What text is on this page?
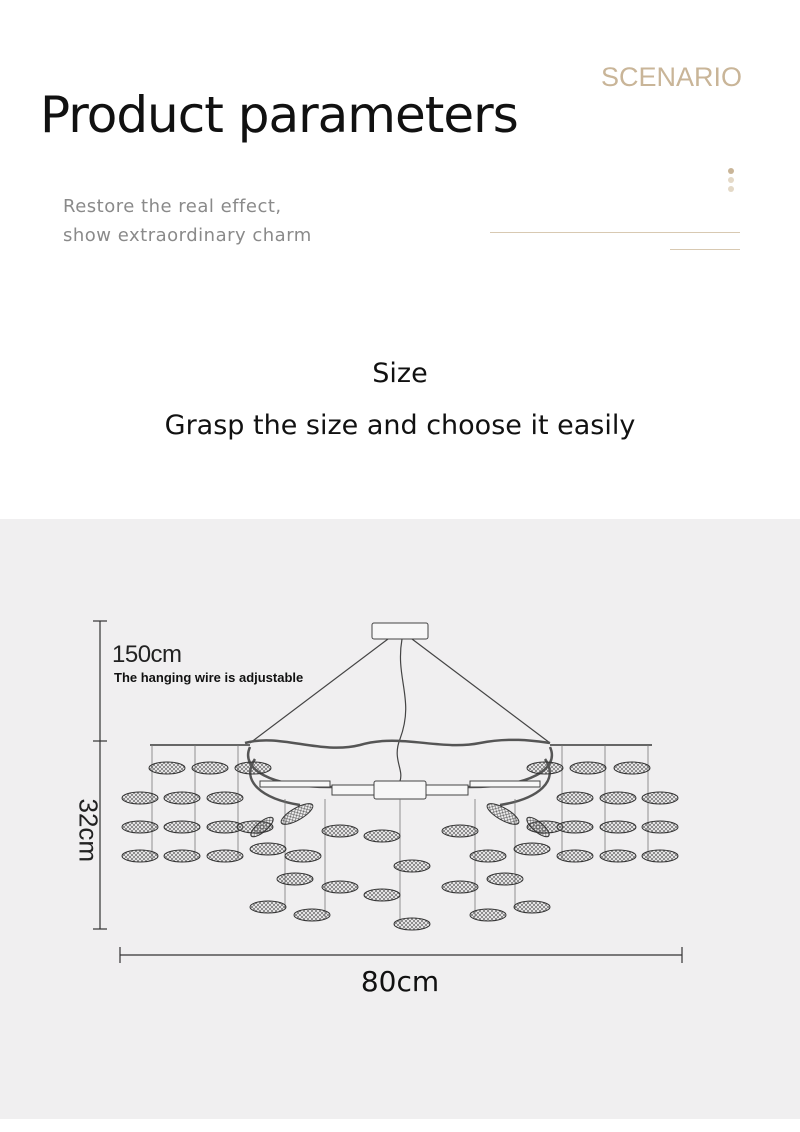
Product parameters
SCENARIO
Restore the real effect,
show extraordinary charm
Size
Grasp the size and choose it easily
150cm
The hanging wire is adjustable
32cm
80cm
